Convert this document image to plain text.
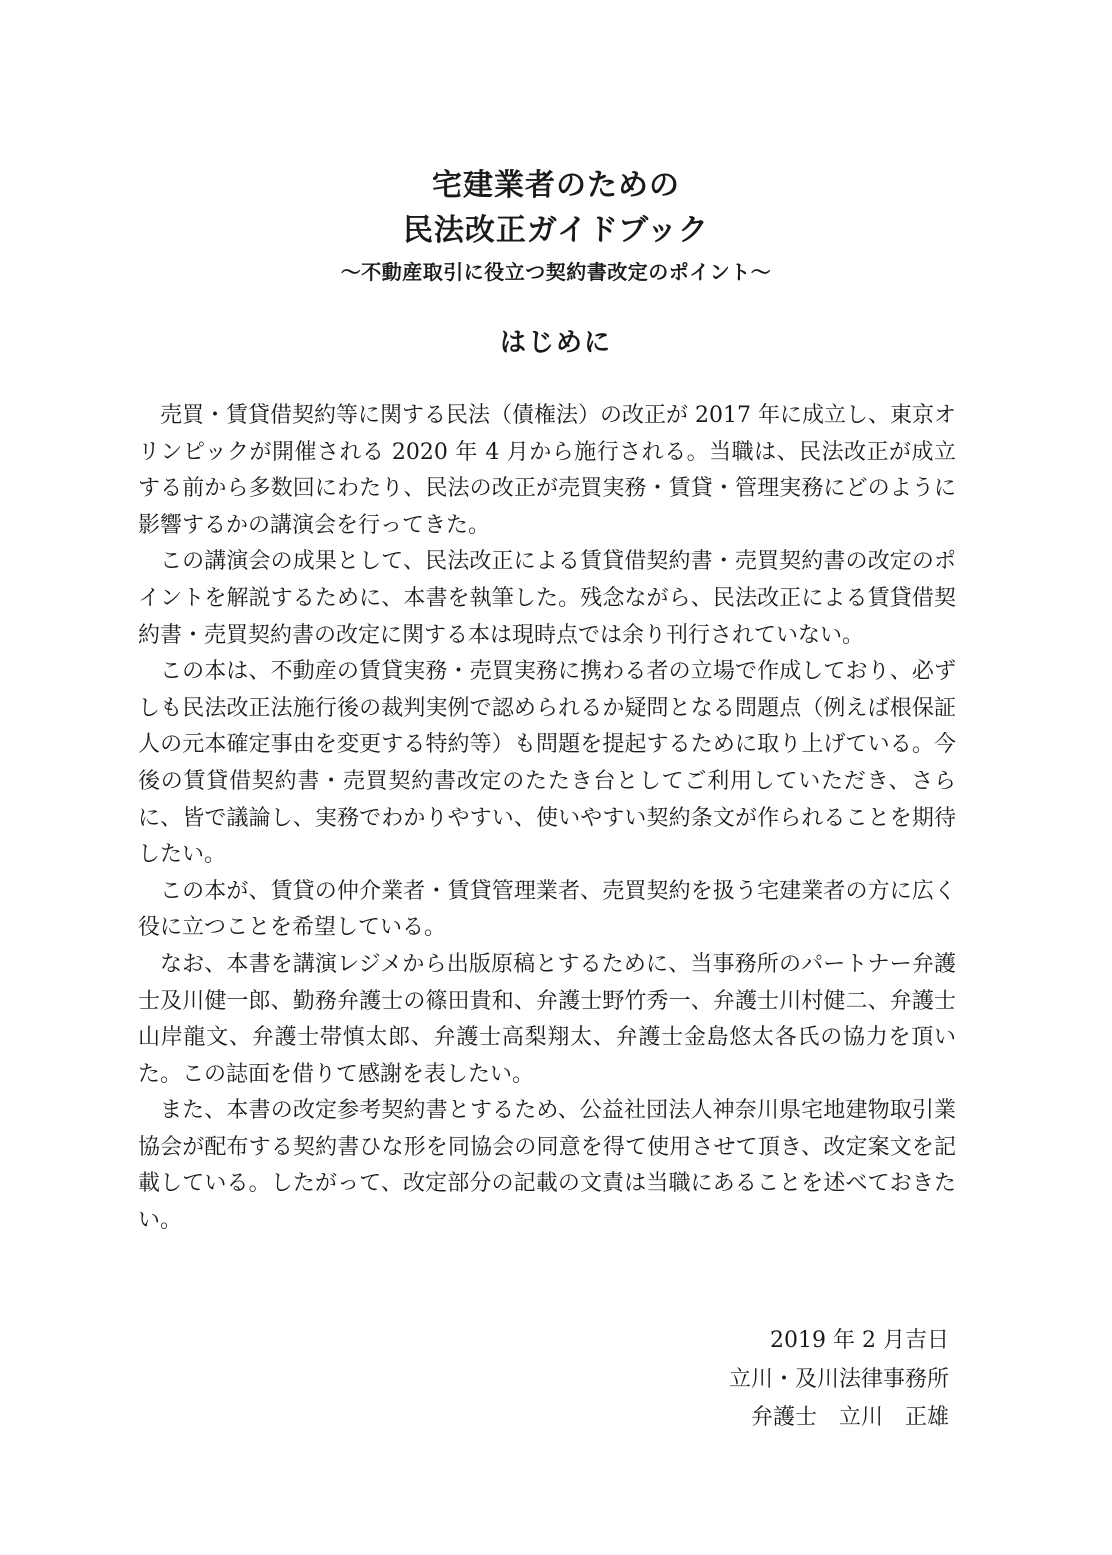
宅建業者のための
民法改正ガイドブック
～不動産取引に役立つ契約書改定のポイント～
はじめに

売買・賃貸借契約等に関する民法（債権法）の改正が 2017 年に成立し、東京オリンピックが開催される 2020 年 4 月から施行される。当職は、民法改正が成立する前から多数回にわたり、民法の改正が売買実務・賃貸・管理実務にどのように影響するかの講演会を行ってきた。

この講演会の成果として、民法改正による賃貸借契約書・売買契約書の改定のポイントを解説するために、本書を執筆した。残念ながら、民法改正による賃貸借契約書・売買契約書の改定に関する本は現時点では余り刊行されていない。

この本は、不動産の賃貸実務・売買実務に携わる者の立場で作成しており、必ずしも民法改正法施行後の裁判実例で認められるか疑問となる問題点（例えば根保証人の元本確定事由を変更する特約等）も問題を提起するために取り上げている。今後の賃貸借契約書・売買契約書改定のたたき台としてご利用していただき、さらに、皆で議論し、実務でわかりやすい、使いやすい契約条文が作られることを期待したい。

この本が、賃貸の仲介業者・賃貸管理業者、売買契約を扱う宅建業者の方に広く役に立つことを希望している。

なお、本書を講演レジメから出版原稿とするために、当事務所のパートナー弁護士及川健一郎、勤務弁護士の篠田貴和、弁護士野竹秀一、弁護士川村健二、弁護士山岸龍文、弁護士帯慎太郎、弁護士高梨翔太、弁護士金島悠太各氏の協力を頂いた。この誌面を借りて感謝を表したい。

また、本書の改定参考契約書とするため、公益社団法人神奈川県宅地建物取引業協会が配布する契約書ひな形を同協会の同意を得て使用させて頂き、改定案文を記載している。したがって、改定部分の記載の文責は当職にあることを述べておきたい。

2019 年 2 月吉日
立川・及川法律事務所
弁護士　立川　正雄
